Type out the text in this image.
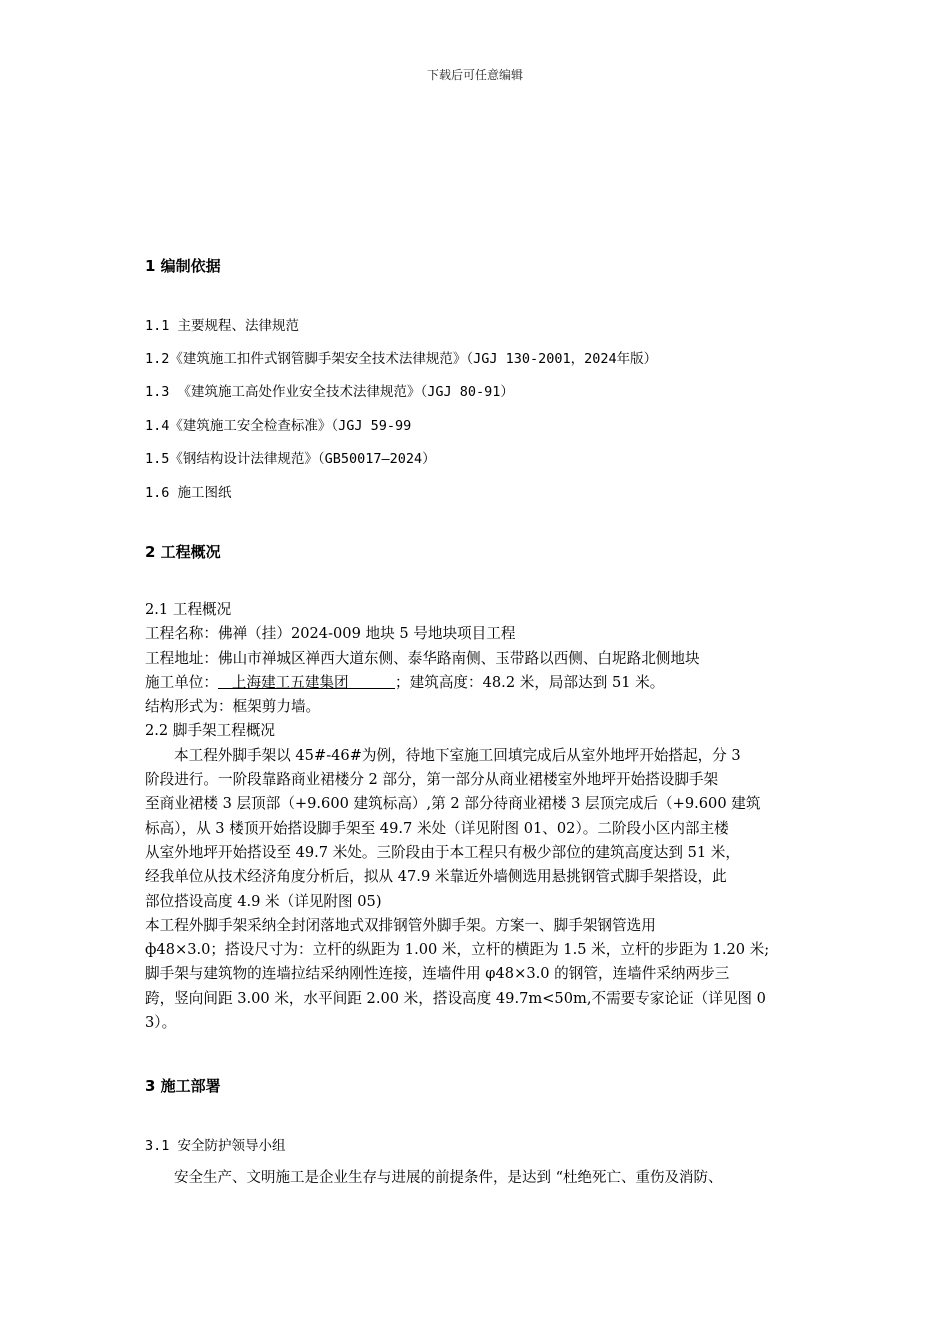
下载后可任意编辑
1 编制依据
1.1 主要规程、法律规范
1.2《建筑施工扣件式钢管脚手架安全技术法律规范》（JGJ 130-2001，2024年版）
1.3 《建筑施工高处作业安全技术法律规范》（JGJ 80-91）
1.4《建筑施工安全检查标准》（JGJ 59-99
1.5《钢结构设计法律规范》（GB50017—2024）
1.6 施工图纸
2 工程概况
2.1 工程概况
工程名称：佛禅（挂）2024-009 地块 5 号地块项目工程
工程地址：佛山市禅城区禅西大道东侧、泰华路南侧、玉带路以西侧、白坭路北侧地块
施工单位：   上海建工五建集团          ；建筑高度：48.2 米，局部达到 51 米。
结构形式为：框架剪力墙。
2.2 脚手架工程概况
本工程外脚手架以 45#-46#为例，待地下室施工回填完成后从室外地坪开始搭起，分 3
阶段进行。一阶段靠路商业裙楼分 2 部分，第一部分从商业裙楼室外地坪开始搭设脚手架
至商业裙楼 3 层顶部（+9.600 建筑标高）,第 2 部分待商业裙楼 3 层顶完成后（+9.600 建筑
标高），从 3 楼顶开始搭设脚手架至 49.7 米处（详见附图 01、02）。二阶段小区内部主楼
从室外地坪开始搭设至 49.7 米处。三阶段由于本工程只有极少部位的建筑高度达到 51 米，
经我单位从技术经济角度分析后，拟从 47.9 米靠近外墙侧选用悬挑钢管式脚手架搭设，此
部位搭设高度 4.9 米（详见附图 05)
本工程外脚手架采纳全封闭落地式双排钢管外脚手架。方案一、脚手架钢管选用
ф48×3.0；搭设尺寸为：立杆的纵距为 1.00 米，立杆的横距为 1.5 米，立杆的步距为 1.20 米;
脚手架与建筑物的连墙拉结采纳刚性连接，连墙件用 φ48×3.0 的钢管，连墙件采纳两步三
跨，竖向间距 3.00 米，水平间距 2.00 米，搭设高度 49.7m<50m,不需要专家论证（详见图 0
3）。
3 施工部署
3.1 安全防护领导小组
安全生产、文明施工是企业生存与进展的前提条件，是达到 “杜绝死亡、重伤及消防、
